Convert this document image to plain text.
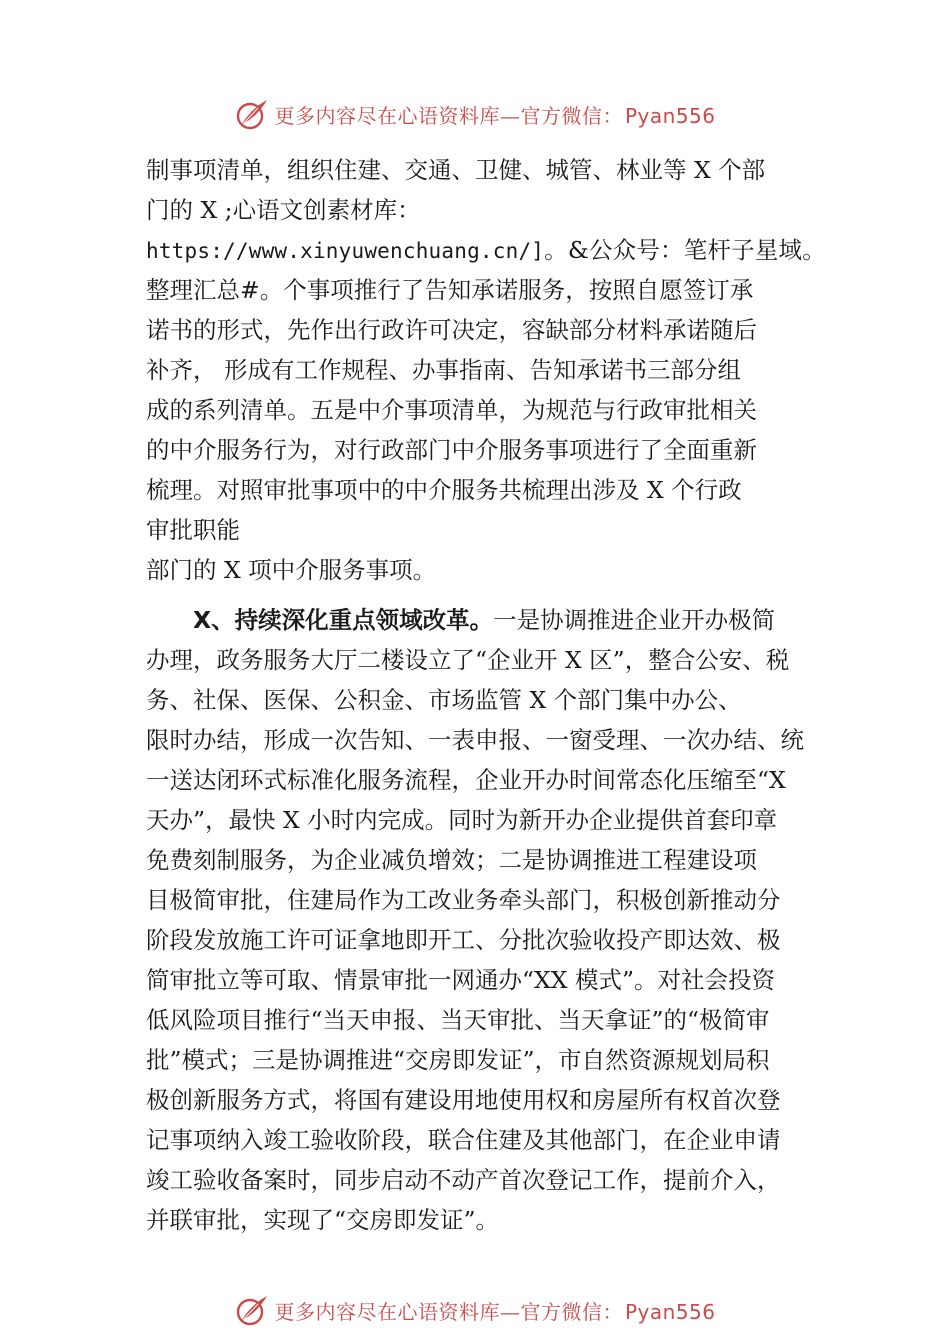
更多内容尽在心语资料库—官方微信： Pyan556
制事项清单，组织住建、交通、卫健、城管、林业等 X 个部
门的 X ;心语文创素材库：
https://www.xinyuwenchuang.cn/]。&公众号：笔杆子星域。
整理汇总#。个事项推行了告知承诺服务，按照自愿签订承
诺书的形式，先作出行政许可决定，容缺部分材料承诺随后
补齐， 形成有工作规程、办事指南、告知承诺书三部分组
成的系列清单。五是中介事项清单，为规范与行政审批相关
的中介服务行为，对行政部门中介服务事项进行了全面重新
梳理。对照审批事项中的中介服务共梳理出涉及 X 个行政
审批职能
部门的 X 项中介服务事项。
X、持续深化重点领域改革。一是协调推进企业开办极简
办理，政务服务大厅二楼设立了“企业开 X 区”，整合公安、税
务、社保、医保、公积金、市场监管 X 个部门集中办公、
限时办结，形成一次告知、一表申报、一窗受理、一次办结、统
一送达闭环式标准化服务流程，企业开办时间常态化压缩至“X
天办”，最快 X 小时内完成。同时为新开办企业提供首套印章
免费刻制服务，为企业减负增效；二是协调推进工程建设项
目极简审批，住建局作为工改业务牵头部门，积极创新推动分
阶段发放施工许可证拿地即开工、分批次验收投产即达效、极
简审批立等可取、情景审批一网通办“XX 模式”。对社会投资
低风险项目推行“当天申报、当天审批、当天拿证”的“极简审
批”模式；三是协调推进“交房即发证”，市自然资源规划局积
极创新服务方式，将国有建设用地使用权和房屋所有权首次登
记事项纳入竣工验收阶段，联合住建及其他部门，在企业申请
竣工验收备案时，同步启动不动产首次登记工作，提前介入，
并联审批，实现了“交房即发证”。
更多内容尽在心语资料库—官方微信： Pyan556
